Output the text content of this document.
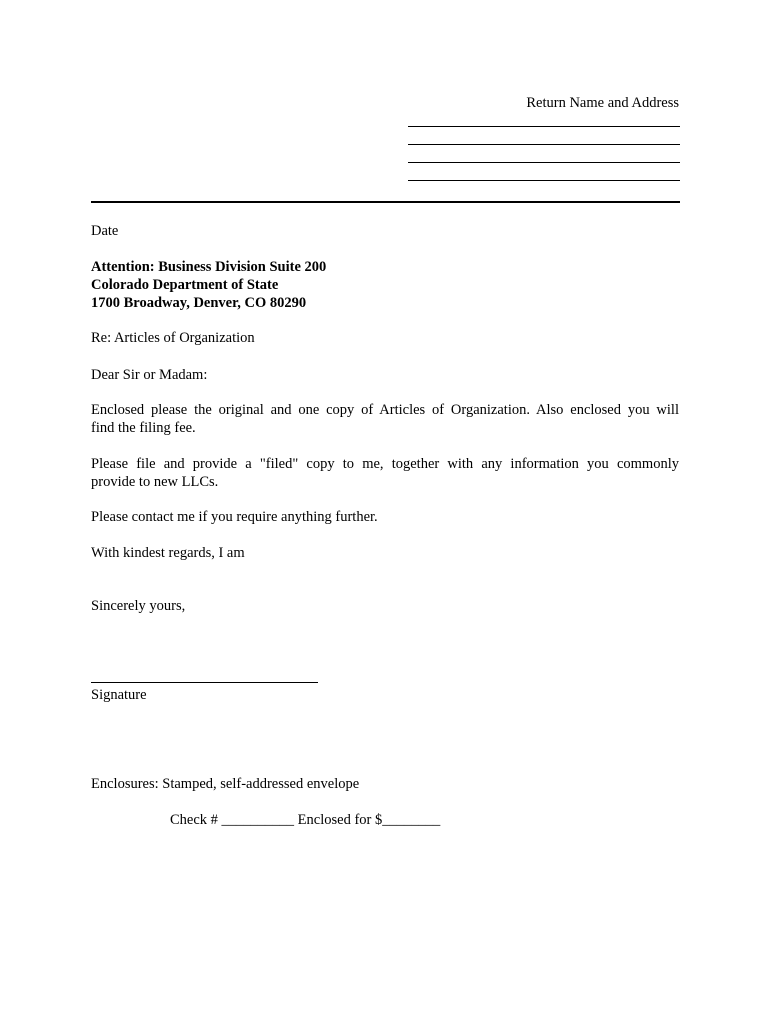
Return Name and Address
Date
Attention: Business Division Suite 200
Colorado Department of State
1700 Broadway, Denver, CO 80290
Re: Articles of Organization
Dear Sir or Madam:
Enclosed please the original and one copy of Articles of Organization. Also enclosed you will
find the filing fee.
Please file and provide a "filed" copy to me, together with any information you commonly
provide to new LLCs.
Please contact me if you require anything further.
With kindest regards, I am
Sincerely yours,
Signature
Enclosures: Stamped, self-addressed envelope
Check # __________ Enclosed for $________
